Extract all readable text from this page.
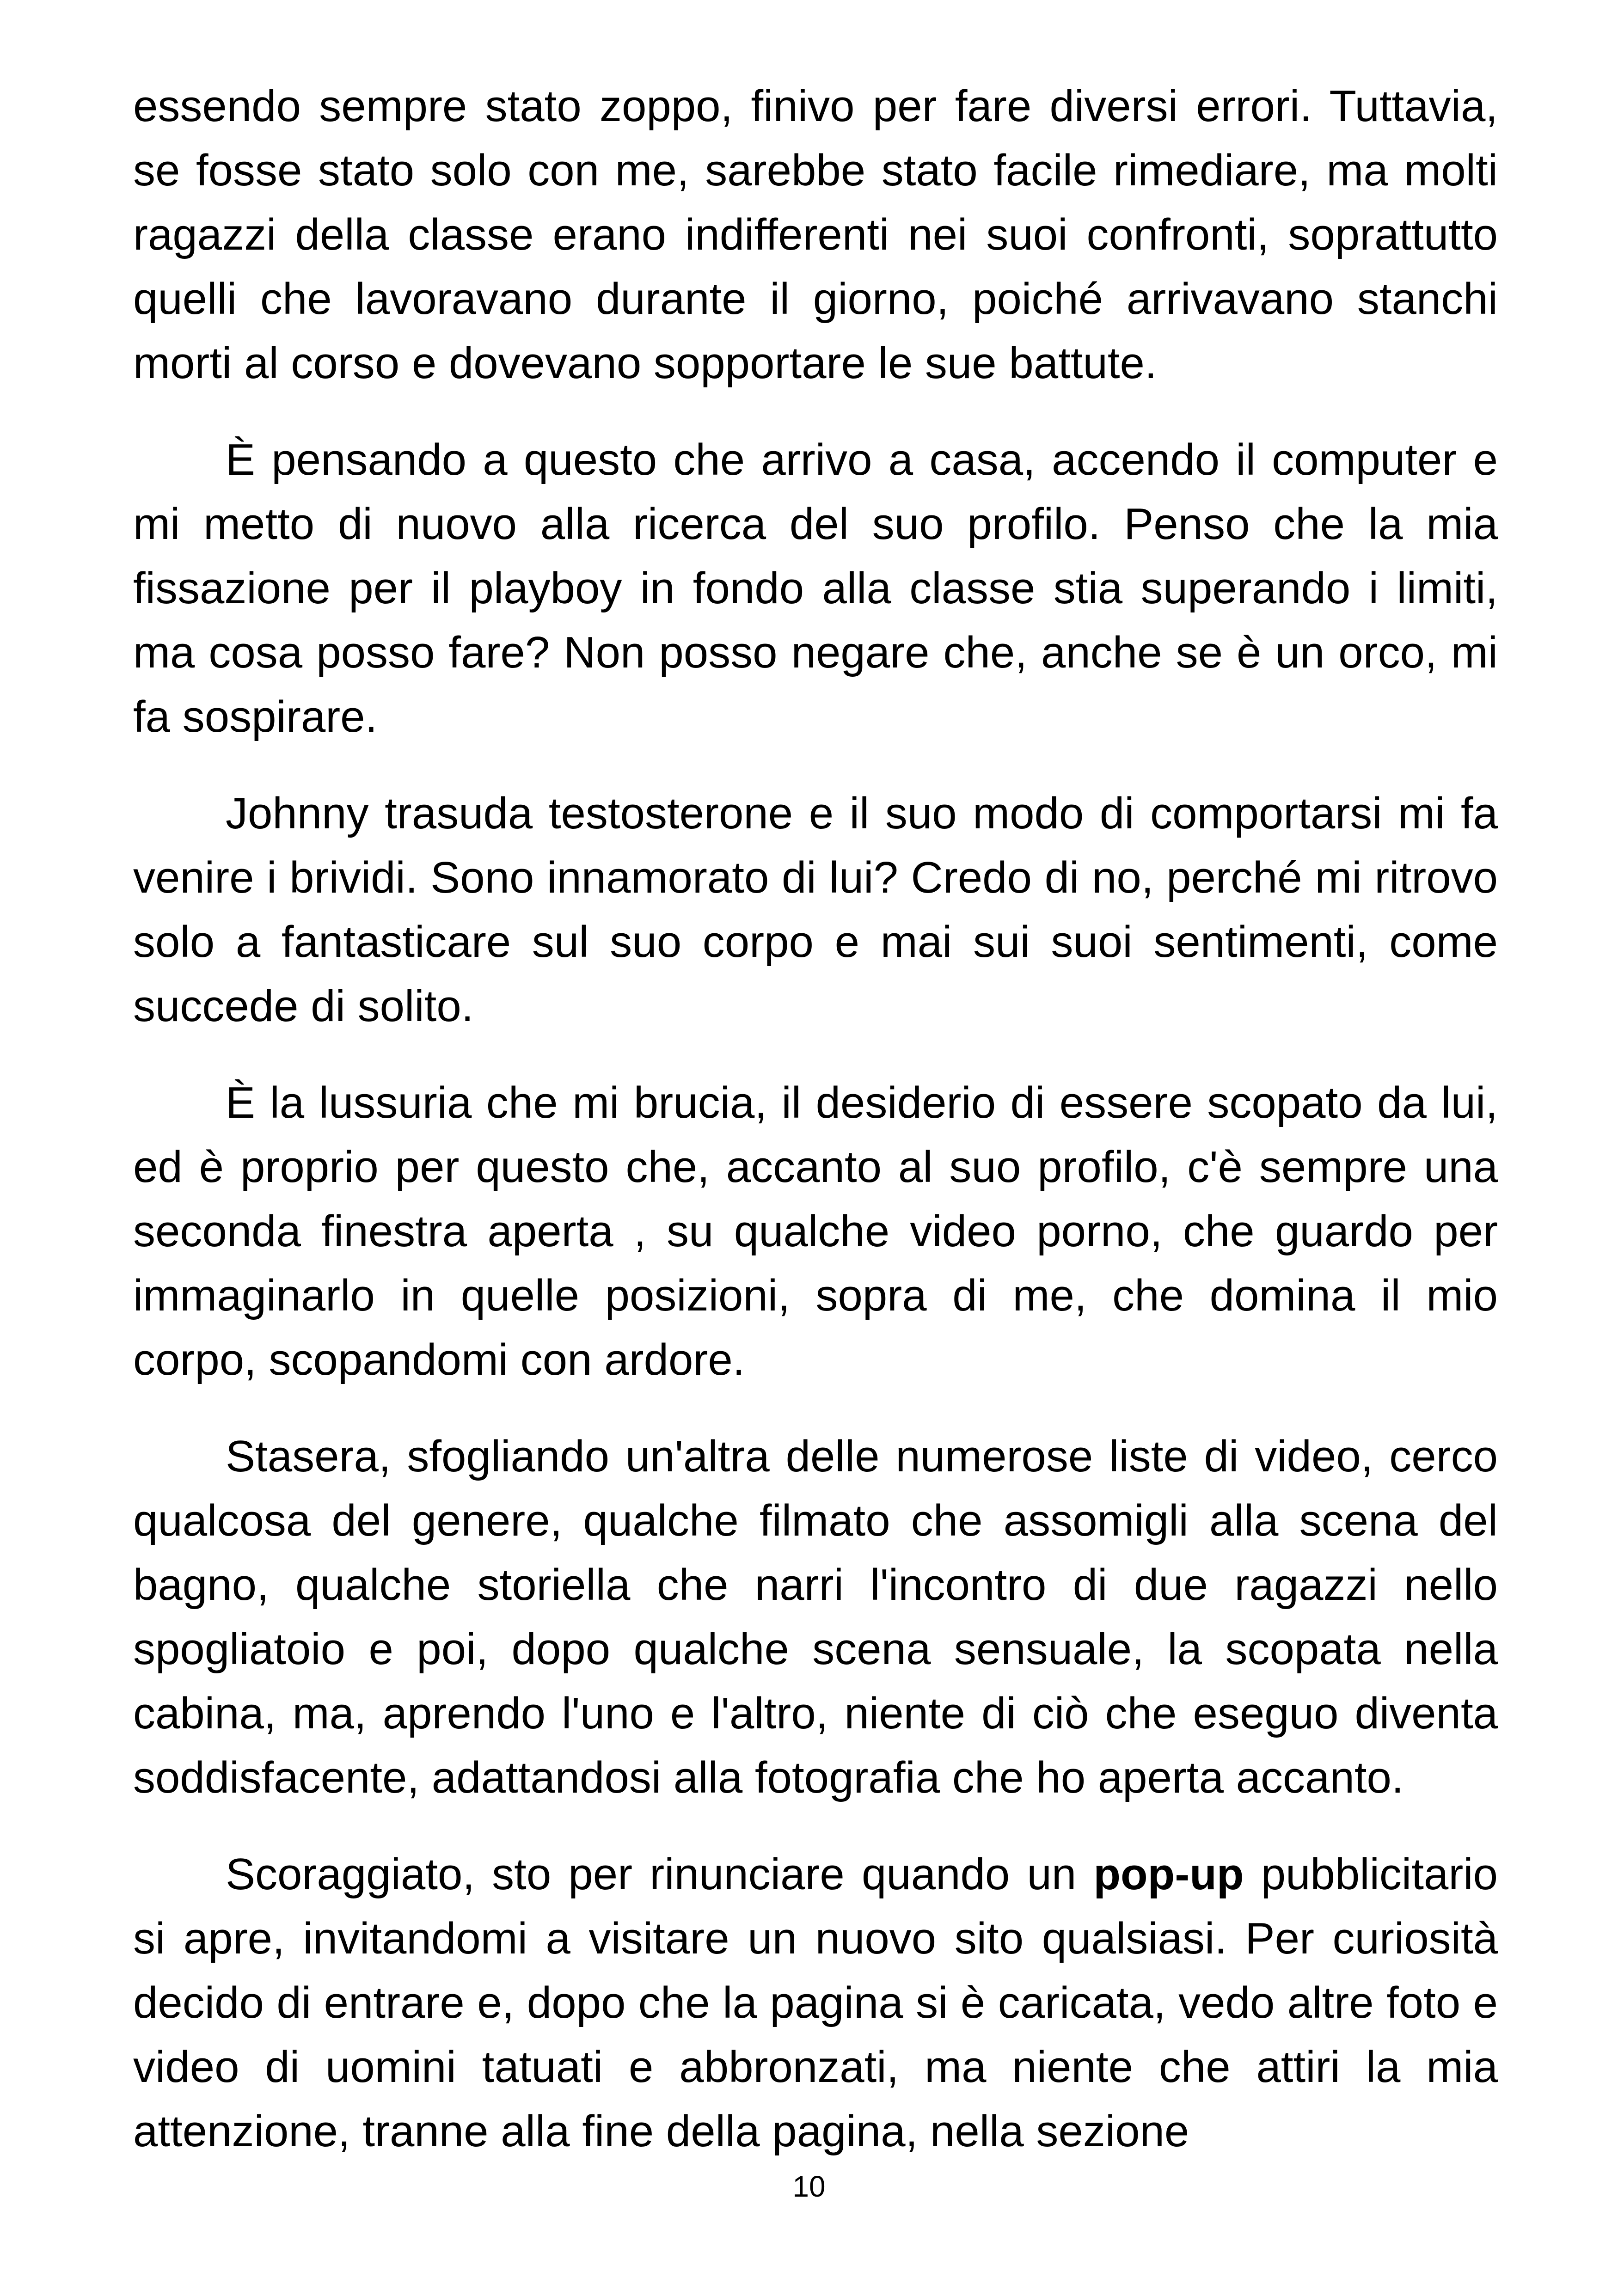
essendo sempre stato zoppo, finivo per fare diversi errori. Tuttavia, se fosse stato solo con me, sarebbe stato facile rimediare, ma molti ragazzi della classe erano indifferenti nei suoi confronti, soprattutto quelli che lavoravano durante il giorno, poiché arrivavano stanchi morti al corso e dovevano sopportare le sue battute.

È pensando a questo che arrivo a casa, accendo il computer e mi metto di nuovo alla ricerca del suo profilo. Penso che la mia fissazione per il playboy in fondo alla classe stia superando i limiti, ma cosa posso fare? Non posso negare che, anche se è un orco, mi fa sospirare.

Johnny trasuda testosterone e il suo modo di comportarsi mi fa venire i brividi. Sono innamorato di lui? Credo di no, perché mi ritrovo solo a fantasticare sul suo corpo e mai sui suoi sentimenti, come succede di solito.

È la lussuria che mi brucia, il desiderio di essere scopato da lui, ed è proprio per questo che, accanto al suo profilo, c'è sempre una seconda finestra aperta , su qualche video porno, che guardo per immaginarlo in quelle posizioni, sopra di me, che domina il mio corpo, scopandomi con ardore.

Stasera, sfogliando un'altra delle numerose liste di video, cerco qualcosa del genere, qualche filmato che assomigli alla scena del bagno, qualche storiella che narri l'incontro di due ragazzi nello spogliatoio e poi, dopo qualche scena sensuale, la scopata nella cabina, ma, aprendo l'uno e l'altro, niente di ciò che eseguo diventa soddisfacente, adattandosi alla fotografia che ho aperta accanto.

Scoraggiato, sto per rinunciare quando un pop-up pubblicitario si apre, invitandomi a visitare un nuovo sito qualsiasi. Per curiosità decido di entrare e, dopo che la pagina si è caricata, vedo altre foto e video di uomini tatuati e abbronzati, ma niente che attiri la mia attenzione, tranne alla fine della pagina, nella sezione

10
